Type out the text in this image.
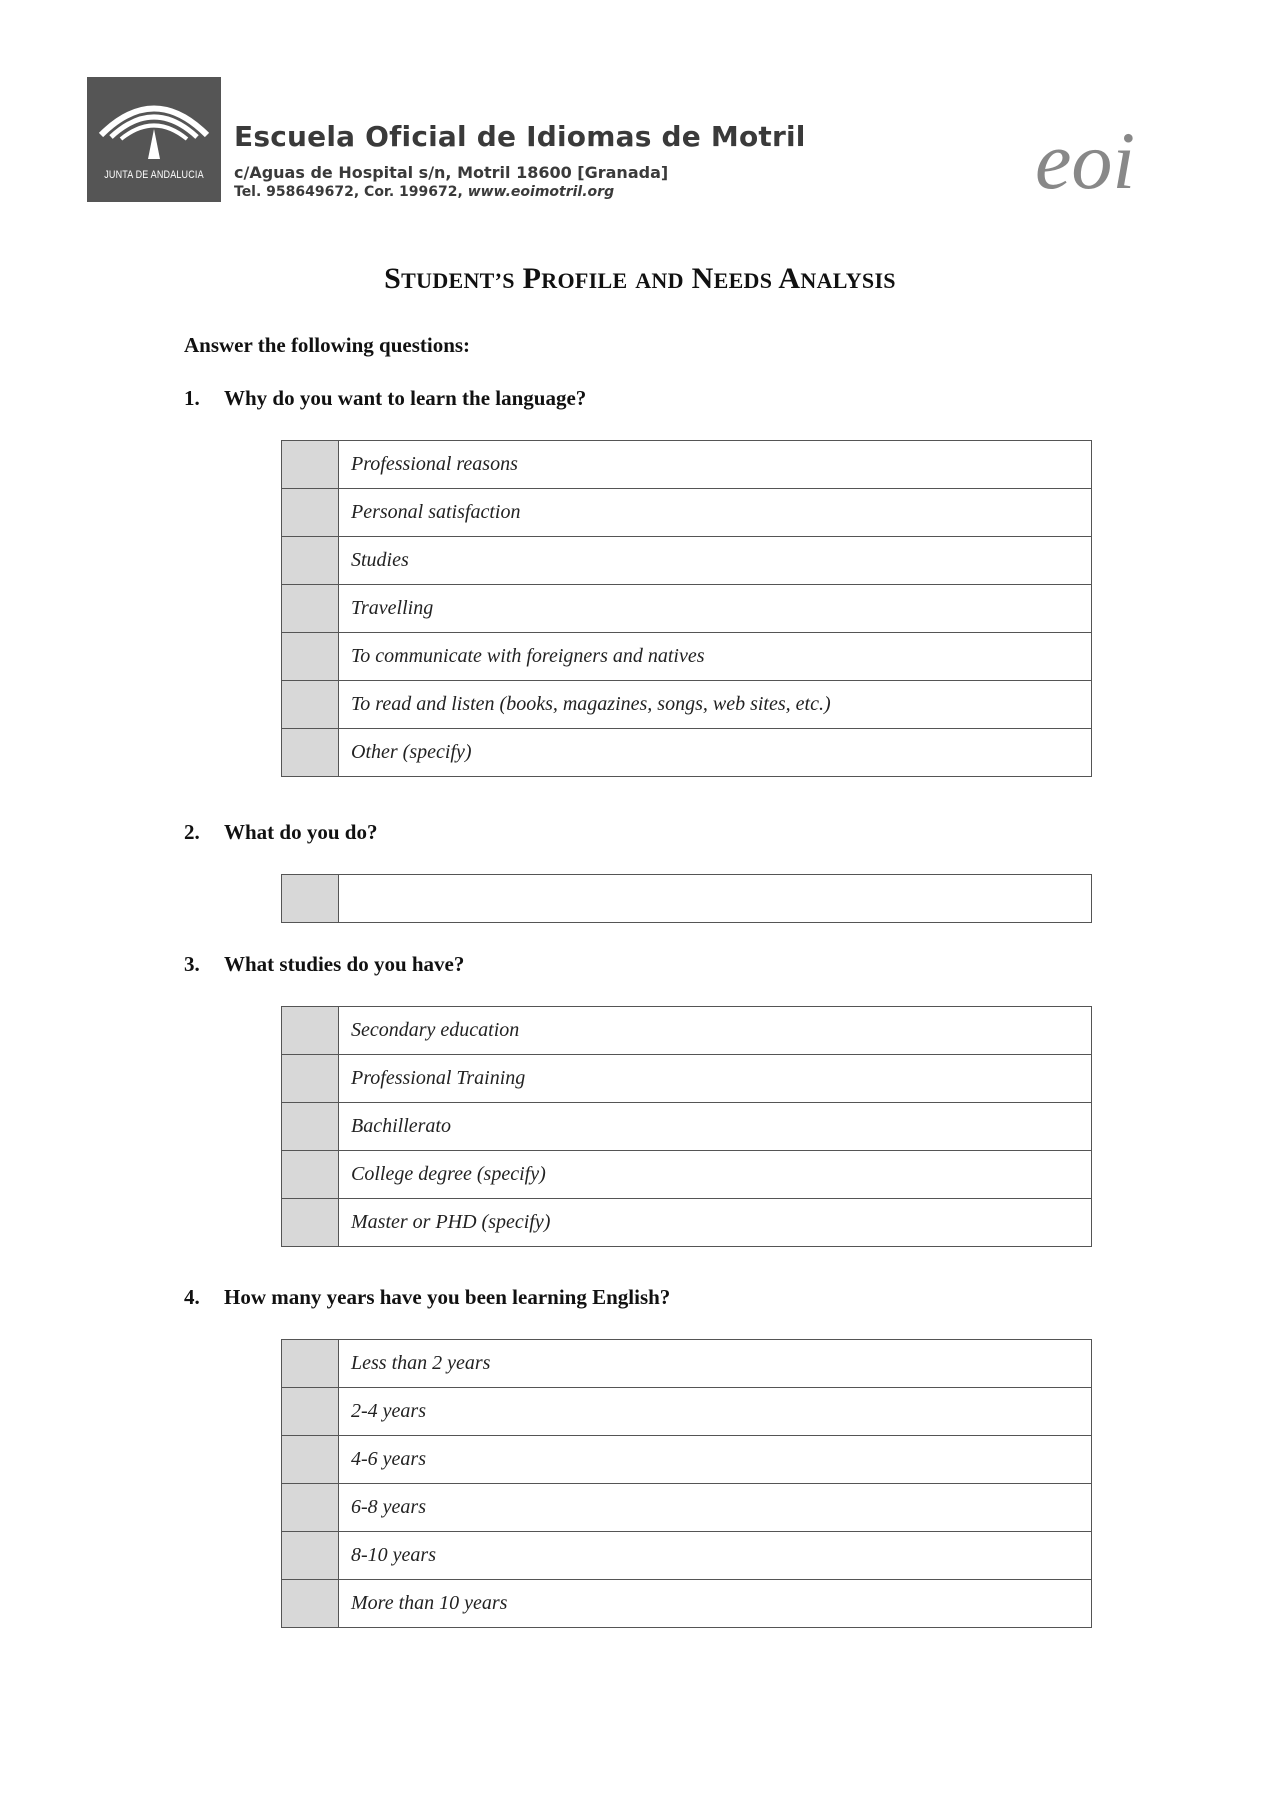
JUNTA DE ANDALUCIA
Escuela Oficial de Idiomas de Motril
c/Aguas de Hospital s/n, Motril 18600 [Granada]
Tel. 958649672, Cor. 199672, www.eoimotril.org	eoi
STUDENT’S PROFILE AND NEEDS ANALYSIS
Answer the following questions:
1. Why do you want to learn the language?
	Professional reasons
	Personal satisfaction
	Studies
	Travelling
	To communicate with foreigners and natives
	To read and listen (books, magazines, songs, web sites, etc.)
	Other (specify)
2. What do you do?

3. What studies do you have?
	Secondary education
	Professional Training
	Bachillerato
	College degree (specify)
	Master or PHD (specify)
4. How many years have you been learning English?
	Less than 2 years
	2-4 years
	4-6 years
	6-8 years
	8-10 years
	More than 10 years
